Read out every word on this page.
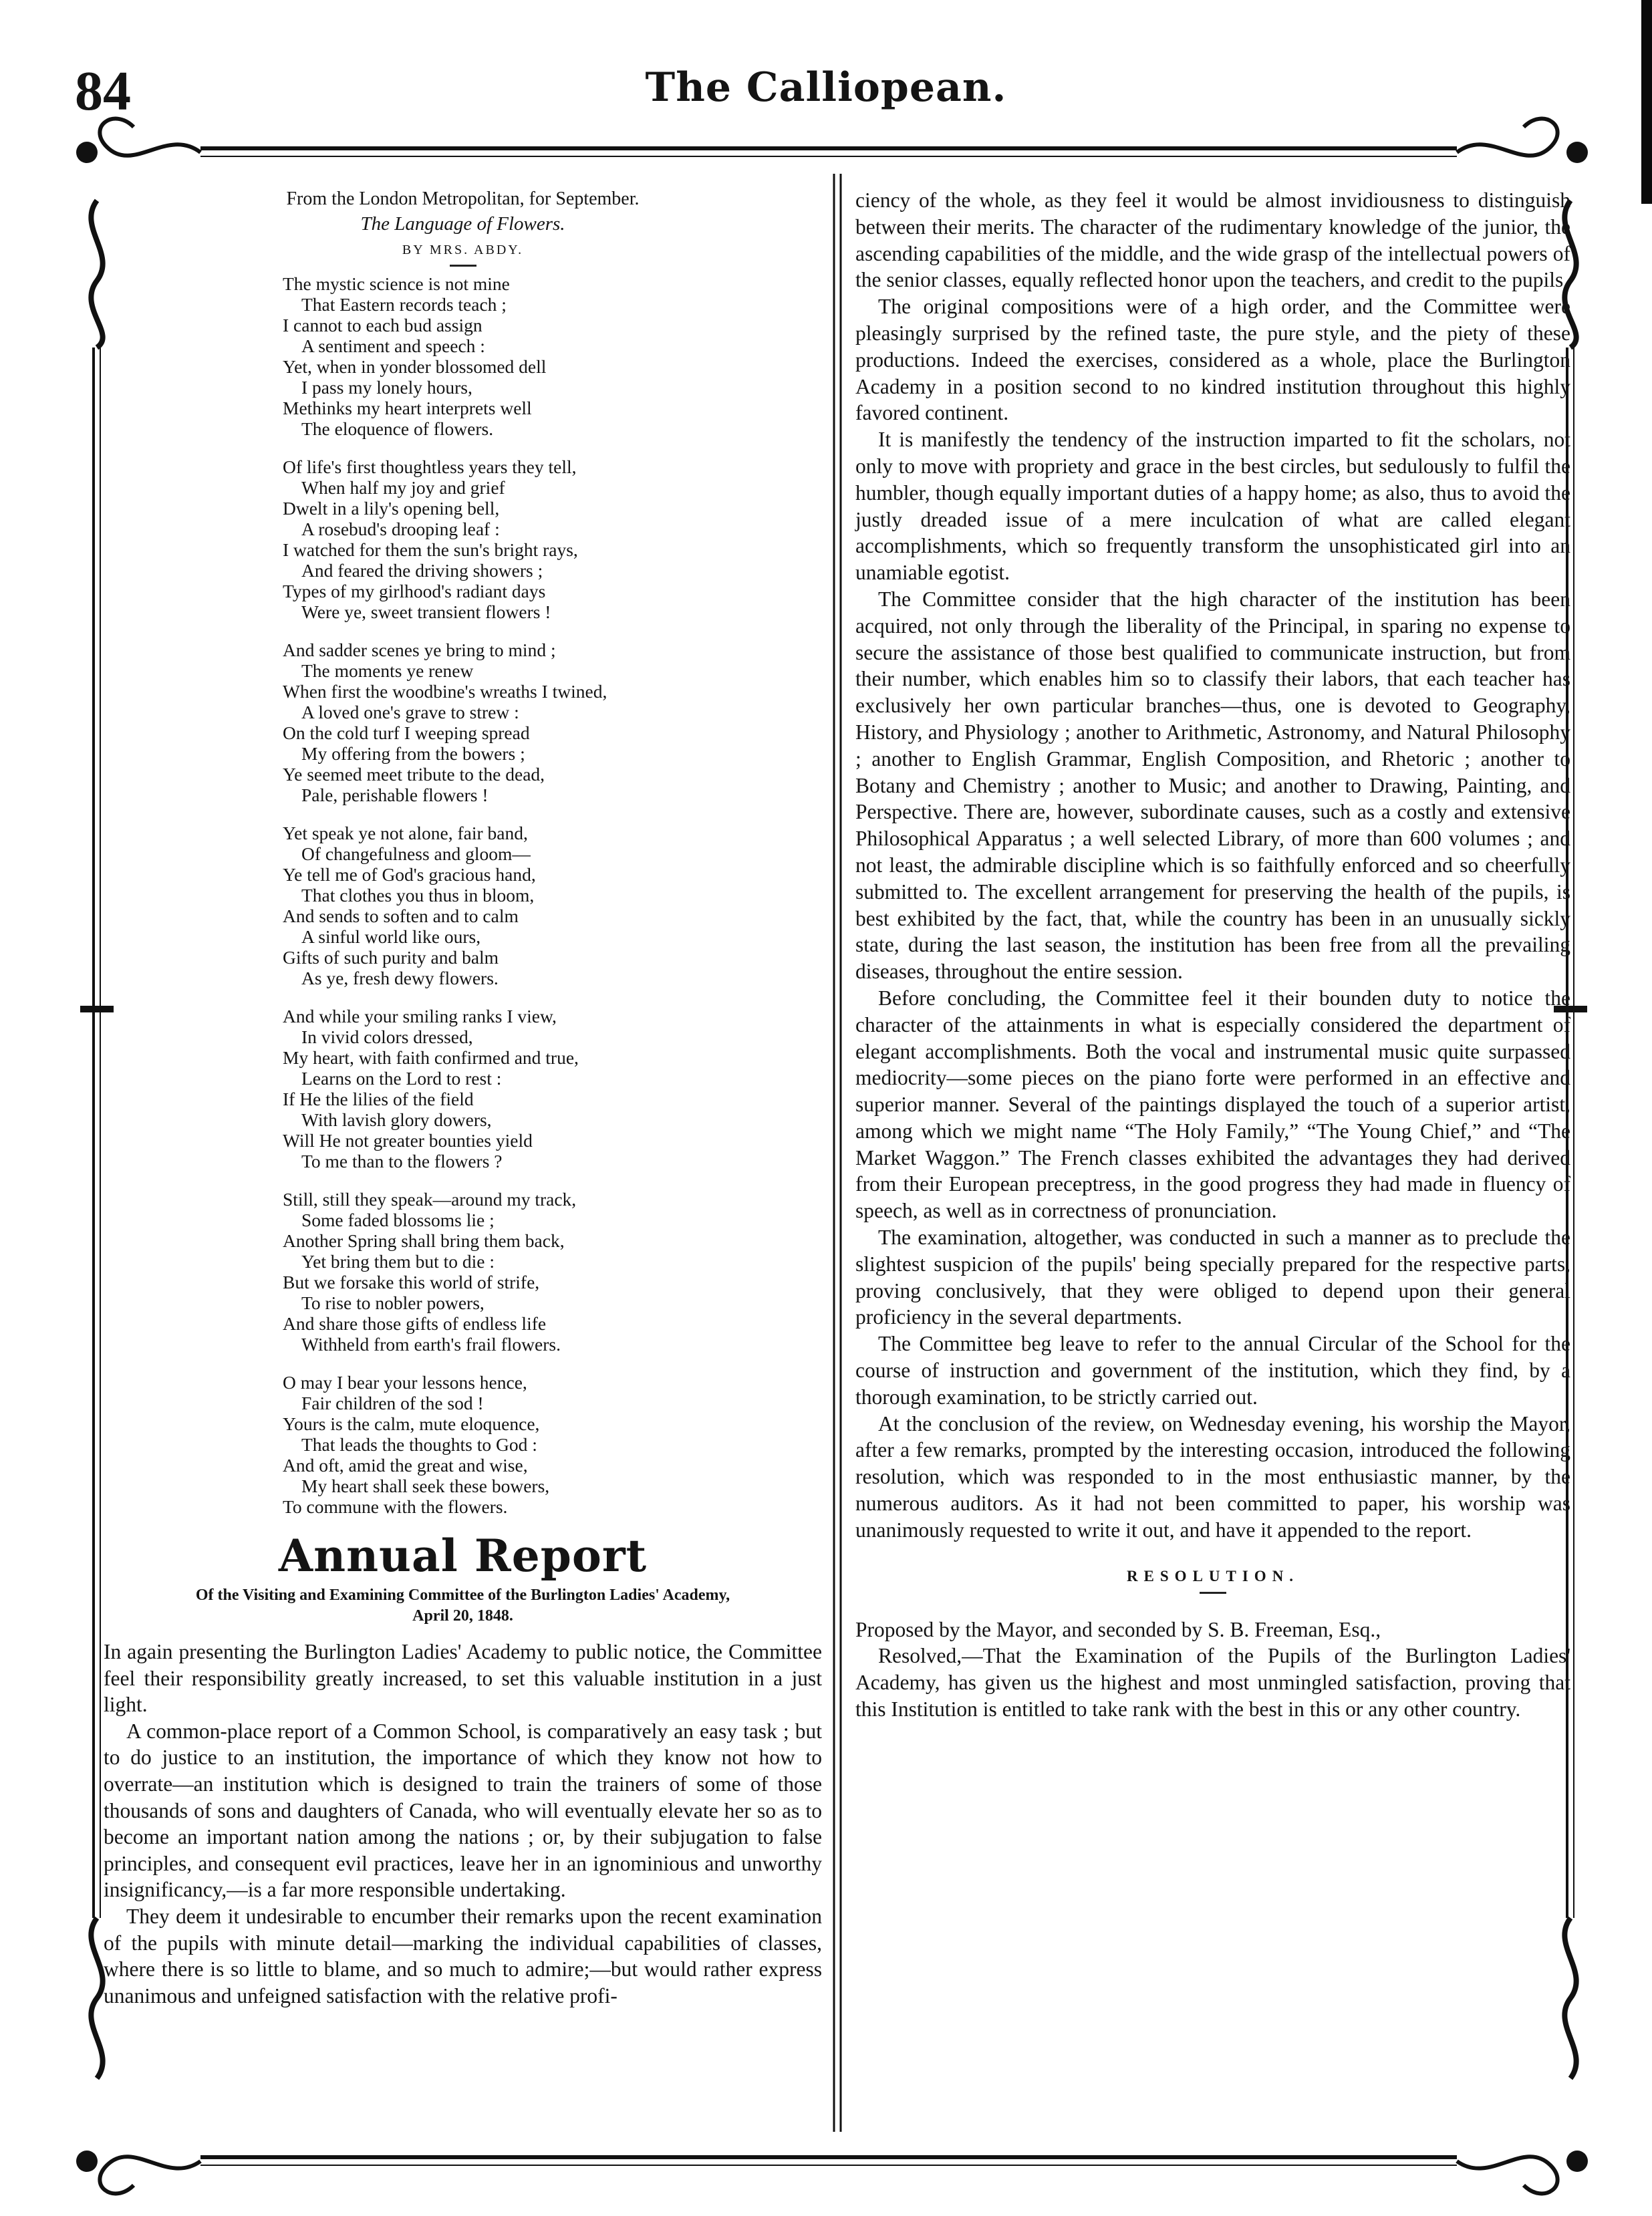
84	The Calliopean.

From the London Metropolitan, for September.

The Language of Flowers.

BY MRS. ABDY.

The mystic science is not mine
That Eastern records teach ;
I cannot to each bud assign
A sentiment and speech :
Yet, when in yonder blossomed dell
I pass my lonely hours,
Methinks my heart interprets well
The eloquence of flowers.
Of life's first thoughtless years they tell,
When half my joy and grief
Dwelt in a lily's opening bell,
A rosebud's drooping leaf :
I watched for them the sun's bright rays,
And feared the driving showers ;
Types of my girlhood's radiant days
Were ye, sweet transient flowers !
And sadder scenes ye bring to mind ;
The moments ye renew
When first the woodbine's wreaths I twined,
A loved one's grave to strew :
On the cold turf I weeping spread
My offering from the bowers ;
Ye seemed meet tribute to the dead,
Pale, perishable flowers !
Yet speak ye not alone, fair band,
Of changefulness and gloom—
Ye tell me of God's gracious hand,
That clothes you thus in bloom,
And sends to soften and to calm
A sinful world like ours,
Gifts of such purity and balm
As ye, fresh dewy flowers.
And while your smiling ranks I view,
In vivid colors dressed,
My heart, with faith confirmed and true,
Learns on the Lord to rest :
If He the lilies of the field
With lavish glory dowers,
Will He not greater bounties yield
To me than to the flowers ?
Still, still they speak—around my track,
Some faded blossoms lie ;
Another Spring shall bring them back,
Yet bring them but to die :
But we forsake this world of strife,
To rise to nobler powers,
And share those gifts of endless life
Withheld from earth's frail flowers.
O may I bear your lessons hence,
Fair children of the sod !
Yours is the calm, mute eloquence,
That leads the thoughts to God :
And oft, amid the great and wise,
My heart shall seek these bowers,
To commune with the flowers.
Annual Report
Of the Visiting and Examining Committee of the Burlington Ladies' Academy,
April 20, 1848.

In again presenting the Burlington Ladies' Academy to public notice, the Committee feel their responsibility greatly increased, to set this valuable institution in a just light.

A common-place report of a Common School, is comparatively an easy task ; but to do justice to an institution, the importance of which they know not how to overrate—an institution which is designed to train the trainers of some of those thousands of sons and daughters of Canada, who will eventually elevate her so as to become an important nation among the nations ; or, by their subjugation to false principles, and consequent evil practices, leave her in an ignominious and unworthy insignificancy,—is a far more responsible undertaking.

They deem it undesirable to encumber their remarks upon the recent examination of the pupils with minute detail—marking the individual capabilities of classes, where there is so little to blame, and so much to admire;—but would rather express unanimous and unfeigned satisfaction with the relative profi-

ciency of the whole, as they feel it would be almost invidiousness to distinguish between their merits. The character of the rudimentary knowledge of the junior, the ascending capabilities of the middle, and the wide grasp of the intellectual powers of the senior classes, equally reflected honor upon the teachers, and credit to the pupils.

The original compositions were of a high order, and the Committee were pleasingly surprised by the refined taste, the pure style, and the piety of these productions. Indeed the exercises, considered as a whole, place the Burlington Academy in a position second to no kindred institution throughout this highly favored continent.

It is manifestly the tendency of the instruction imparted to fit the scholars, not only to move with propriety and grace in the best circles, but sedulously to fulfil the humbler, though equally important duties of a happy home; as also, thus to avoid the justly dreaded issue of a mere inculcation of what are called elegant accomplishments, which so frequently transform the unsophisticated girl into an unamiable egotist.

The Committee consider that the high character of the institution has been acquired, not only through the liberality of the Principal, in sparing no expense to secure the assistance of those best qualified to communicate instruction, but from their number, which enables him so to classify their labors, that each teacher has exclusively her own particular branches—thus, one is devoted to Geography, History, and Physiology ; another to Arithmetic, Astronomy, and Natural Philosophy ; another to English Grammar, English Composition, and Rhetoric ; another to Botany and Chemistry ; another to Music; and another to Drawing, Painting, and Perspective. There are, however, subordinate causes, such as a costly and extensive Philosophical Apparatus ; a well selected Library, of more than 600 volumes ; and not least, the admirable discipline which is so faithfully enforced and so cheerfully submitted to. The excellent arrangement for preserving the health of the pupils, is best exhibited by the fact, that, while the country has been in an unusually sickly state, during the last season, the institution has been free from all the prevailing diseases, throughout the entire session.

Before concluding, the Committee feel it their bounden duty to notice the character of the attainments in what is especially considered the department of elegant accomplishments. Both the vocal and instrumental music quite surpassed mediocrity—some pieces on the piano forte were performed in an effective and superior manner. Several of the paintings displayed the touch of a superior artist, among which we might name “The Holy Family,” “The Young Chief,” and “The Market Waggon.” The French classes exhibited the advantages they had derived from their European preceptress, in the good progress they had made in fluency of speech, as well as in correctness of pronunciation.

The examination, altogether, was conducted in such a manner as to preclude the slightest suspicion of the pupils' being specially prepared for the respective parts, proving conclusively, that they were obliged to depend upon their general proficiency in the several departments.

The Committee beg leave to refer to the annual Circular of the School for the course of instruction and government of the institution, which they find, by a thorough examination, to be strictly carried out.

At the conclusion of the review, on Wednesday evening, his worship the Mayor, after a few remarks, prompted by the interesting occasion, introduced the following resolution, which was responded to in the most enthusiastic manner, by the numerous auditors. As it had not been committed to paper, his worship was unanimously requested to write it out, and have it appended to the report.

RESOLUTION.

Proposed by the Mayor, and seconded by S. B. Freeman, Esq.,

Resolved,—That the Examination of the Pupils of the Burlington Ladies' Academy, has given us the highest and most unmingled satisfaction, proving that this Institution is entitled to take rank with the best in this or any other country.
